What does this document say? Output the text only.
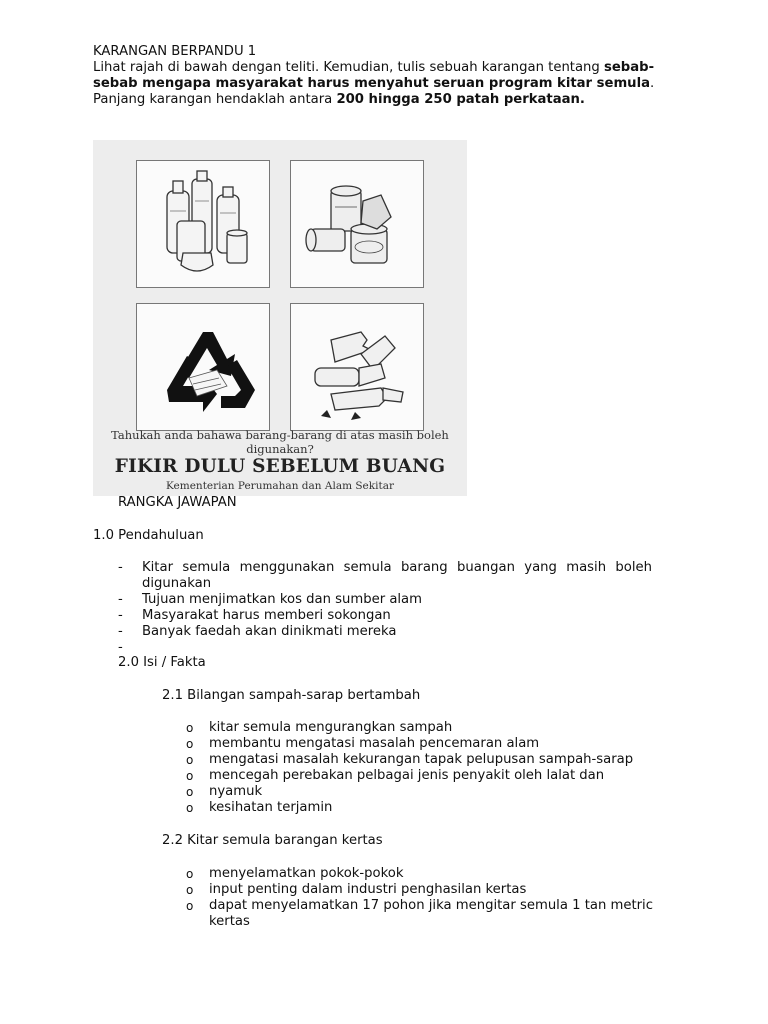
KARANGAN BERPANDU 1
Lihat rajah di bawah dengan teliti. Kemudian, tulis sebuah karangan tentang sebab-
sebab mengapa masyarakat harus menyahut seruan program kitar semula.
Panjang karangan hendaklah antara 200 hingga 250 patah perkataan.
Tahukah anda bahawa barang-barang di atas masih boleh digunakan?
FIKIR DULU SEBELUM BUANG
Kementerian Perumahan dan Alam Sekitar
RANGKA JAWAPAN
1.0 Pendahuluan
- Kitar semula menggunakan semula barang buangan yang masih boleh
digunakan
- Tujuan menjimatkan kos dan sumber alam
- Masyarakat harus memberi sokongan
- Banyak faedah akan dinikmati mereka
-
2.0 Isi / Fakta
2.1 Bilangan sampah-sarap bertambah
o kitar semula mengurangkan sampah
o membantu mengatasi masalah pencemaran alam
o mengatasi masalah kekurangan tapak pelupusan sampah-sarap
o mencegah perebakan pelbagai jenis penyakit oleh lalat dan
o nyamuk
o kesihatan terjamin
2.2 Kitar semula barangan kertas
o menyelamatkan pokok-pokok
o input penting dalam industri penghasilan kertas
o dapat menyelamatkan 17 pohon jika mengitar semula 1 tan metric
kertas
